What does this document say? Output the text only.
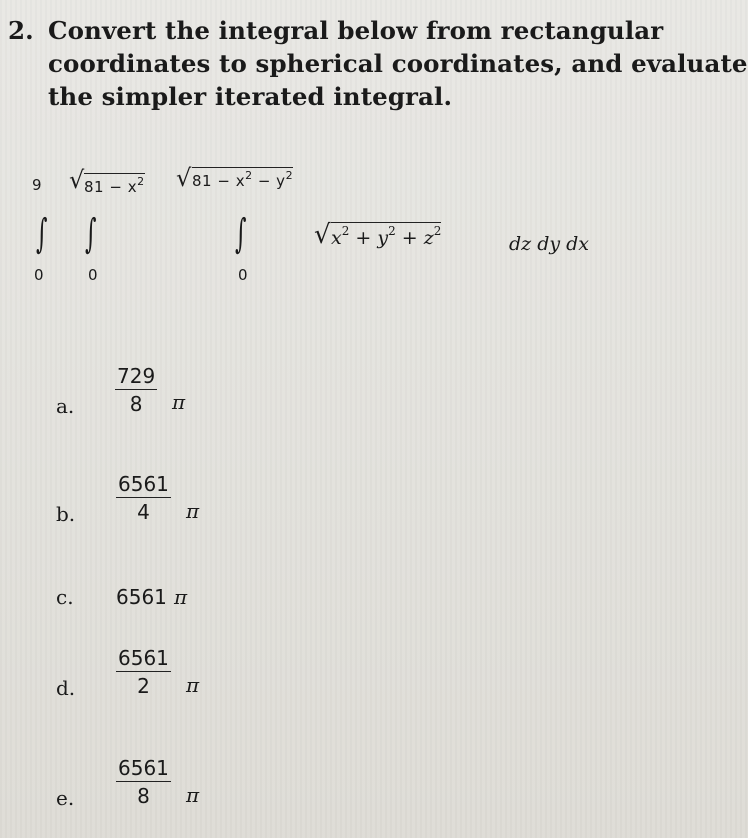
2. Convert the integral below from rectangular
coordinates to spherical coordinates, and evaluate
the simpler iterated integral.
9
∫
0
√ $81 - x^2$
∫
0
√ $81 - x^2 - y^2$
∫
0
√ $x^2 + y^2 + z^2$
dz dy dx
a. $\frac{729}{8}$ π
b. $\frac{6561}{4}$ π
c. 6561 π
d. $\frac{6561}{2}$ π
e. $\frac{6561}{8}$ π
